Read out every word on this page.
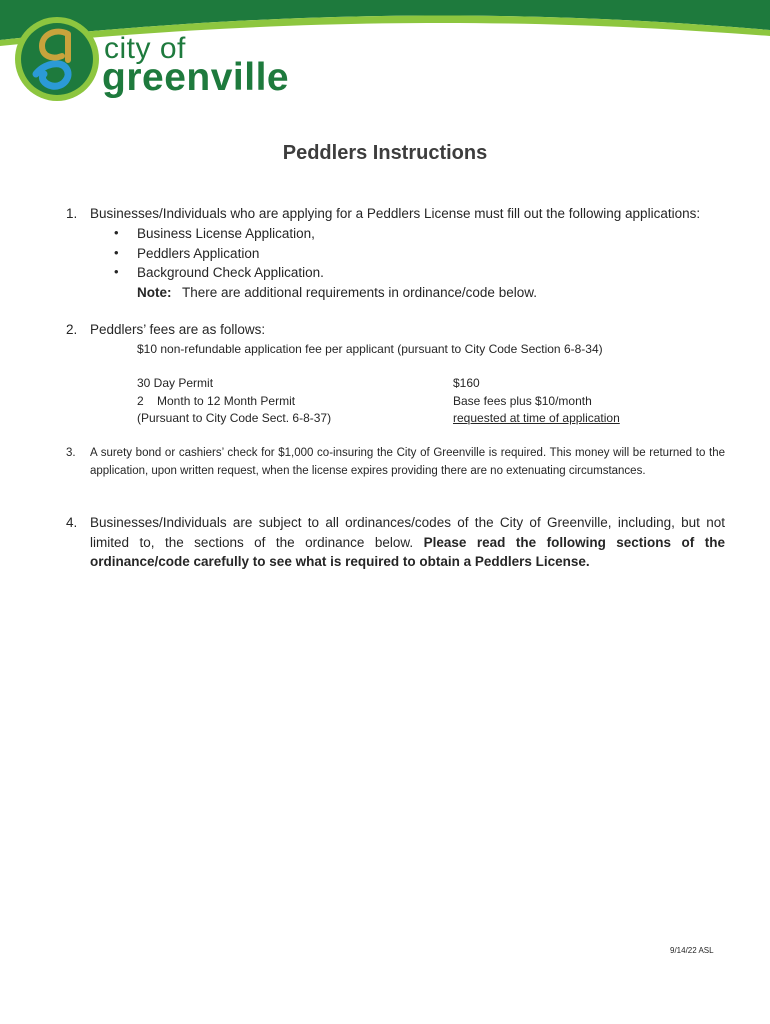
city of
greenville
Peddlers Instructions
1. Businesses/Individuals who are applying for a Peddlers License must fill out the following applications:
• Business License Application,
• Peddlers Application
• Background Check Application.
Note: There are additional requirements in ordinance/code below.
2. Peddlers’ fees are as follows:
$10 non-refundable application fee per applicant (pursuant to City Code Section 6-8-34)
30 Day Permit	$160
2    Month to 12 Month Permit	Base fees plus $10/month
(Pursuant to City Code Sect. 6-8-37)	requested at time of application
3. A surety bond or cashiers’ check for $1,000 co-insuring the City of Greenville is required. This money will be returned to the application, upon written request, when the license expires providing there are no extenuating circumstances.
4. Businesses/Individuals are subject to all ordinances/codes of the City of Greenville, including, but not limited to, the sections of the ordinance below. Please read the following sections of the ordinance/code carefully to see what is required to obtain a Peddlers License.
9/14/22 ASL
